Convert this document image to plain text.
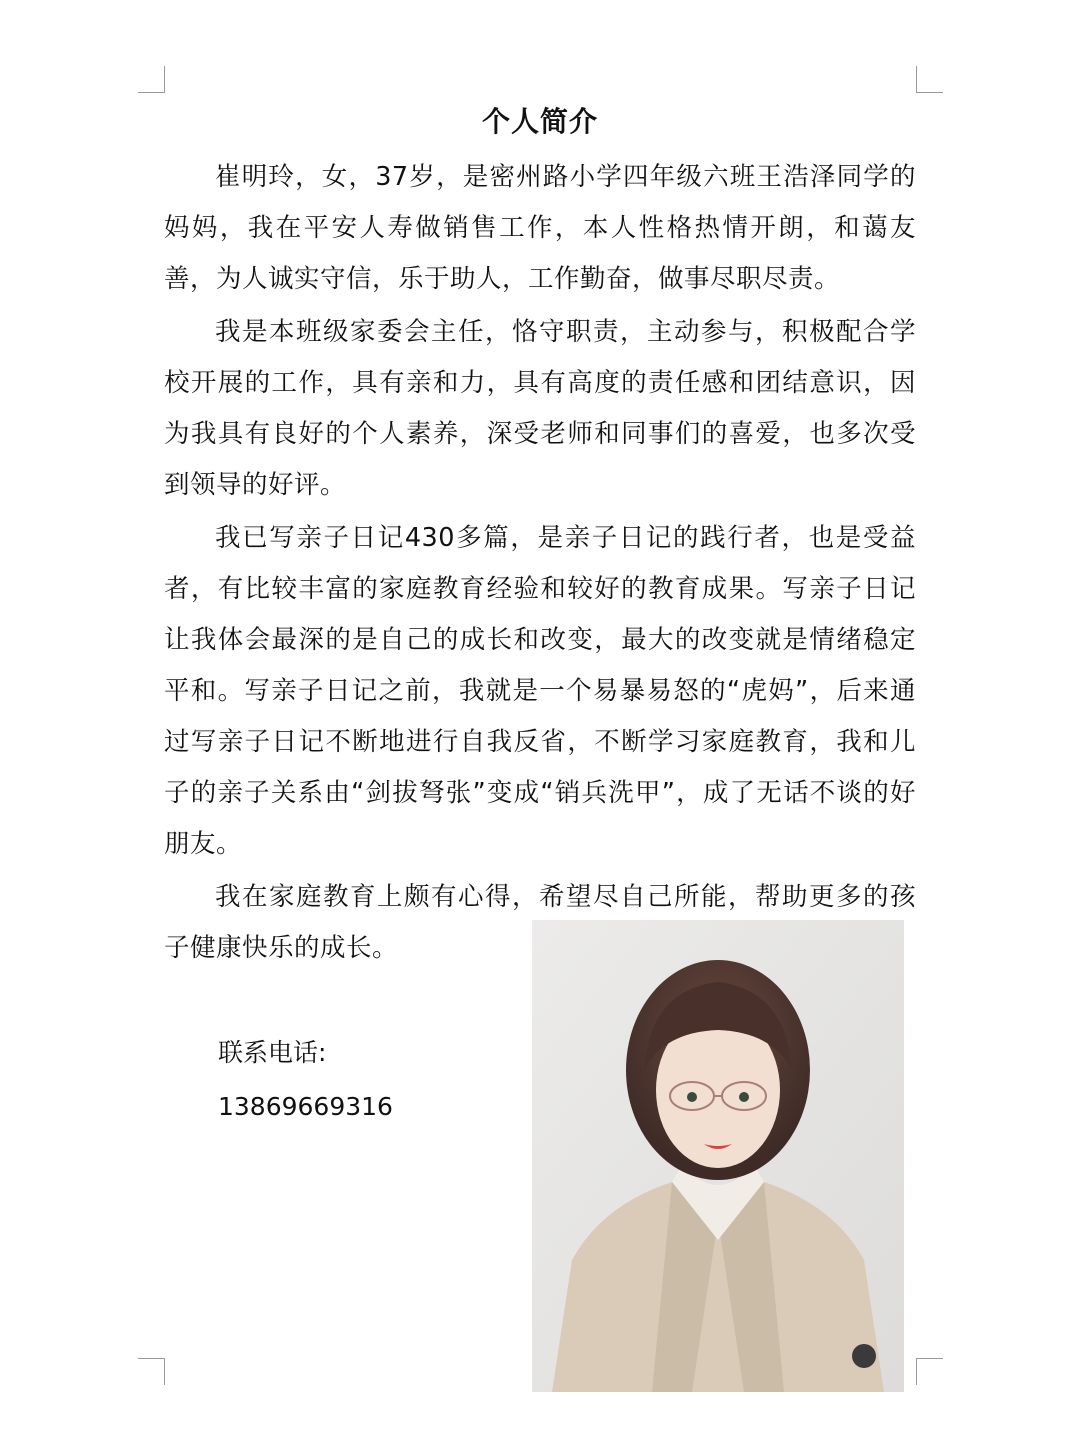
个人简介

崔明玲，女，37岁，是密州路小学四年级六班王浩泽同学的妈妈，我在平安人寿做销售工作，本人性格热情开朗，和蔼友善，为人诚实守信，乐于助人，工作勤奋，做事尽职尽责。

我是本班级家委会主任，恪守职责，主动参与，积极配合学校开展的工作，具有亲和力，具有高度的责任感和团结意识，因为我具有良好的个人素养，深受老师和同事们的喜爱，也多次受到领导的好评。

我已写亲子日记430多篇，是亲子日记的践行者，也是受益者，有比较丰富的家庭教育经验和较好的教育成果。写亲子日记让我体会最深的是自己的成长和改变，最大的改变就是情绪稳定平和。写亲子日记之前，我就是一个易暴易怒的“虎妈”，后来通过写亲子日记不断地进行自我反省，不断学习家庭教育，我和儿子的亲子关系由“剑拔弩张”变成“销兵洗甲”，成了无话不谈的好朋友。

我在家庭教育上颇有心得，希望尽自己所能，帮助更多的孩子健康快乐的成长。

联系电话:
13869669316
